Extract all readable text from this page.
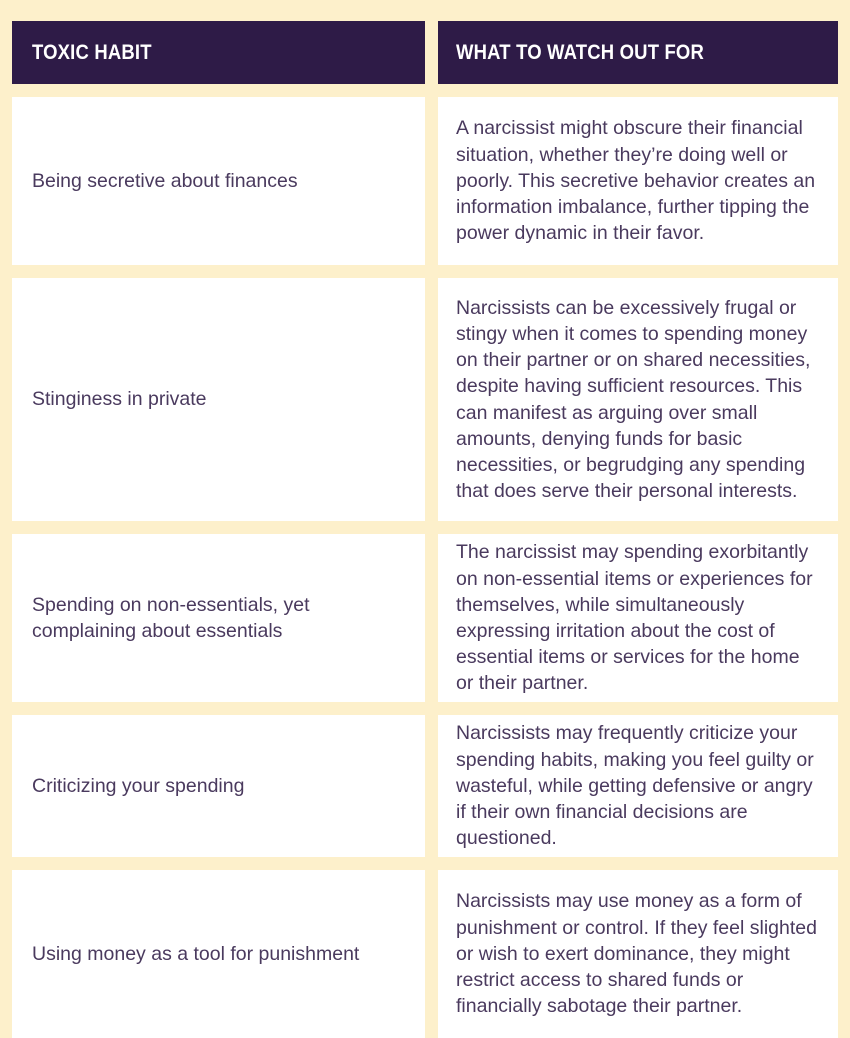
TOXIC HABIT	WHAT TO WATCH OUT FOR
Being secretive about finances
A narcissist might obscure their financial situation, whether they’re doing well or poorly. This secretive behavior creates an information imbalance, further tipping the power dynamic in their favor.
Stinginess in private
Narcissists can be excessively frugal or stingy when it comes to spending money on their partner or on shared necessities, despite having sufficient resources. This can manifest as arguing over small amounts, denying funds for basic necessities, or begrudging any spending that does serve their personal interests.
Spending on non-essentials, yet complaining about essentials
The narcissist may spending exorbitantly on non-essential items or experiences for themselves, while simultaneously expressing irritation about the cost of essential items or services for the home or their partner.
Criticizing your spending
Narcissists may frequently criticize your spending habits, making you feel guilty or wasteful, while getting defensive or angry if their own financial decisions are questioned.
Using money as a tool for punishment
Narcissists may use money as a form of punishment or control. If they feel slighted or wish to exert dominance, they might restrict access to shared funds or financially sabotage their partner.
